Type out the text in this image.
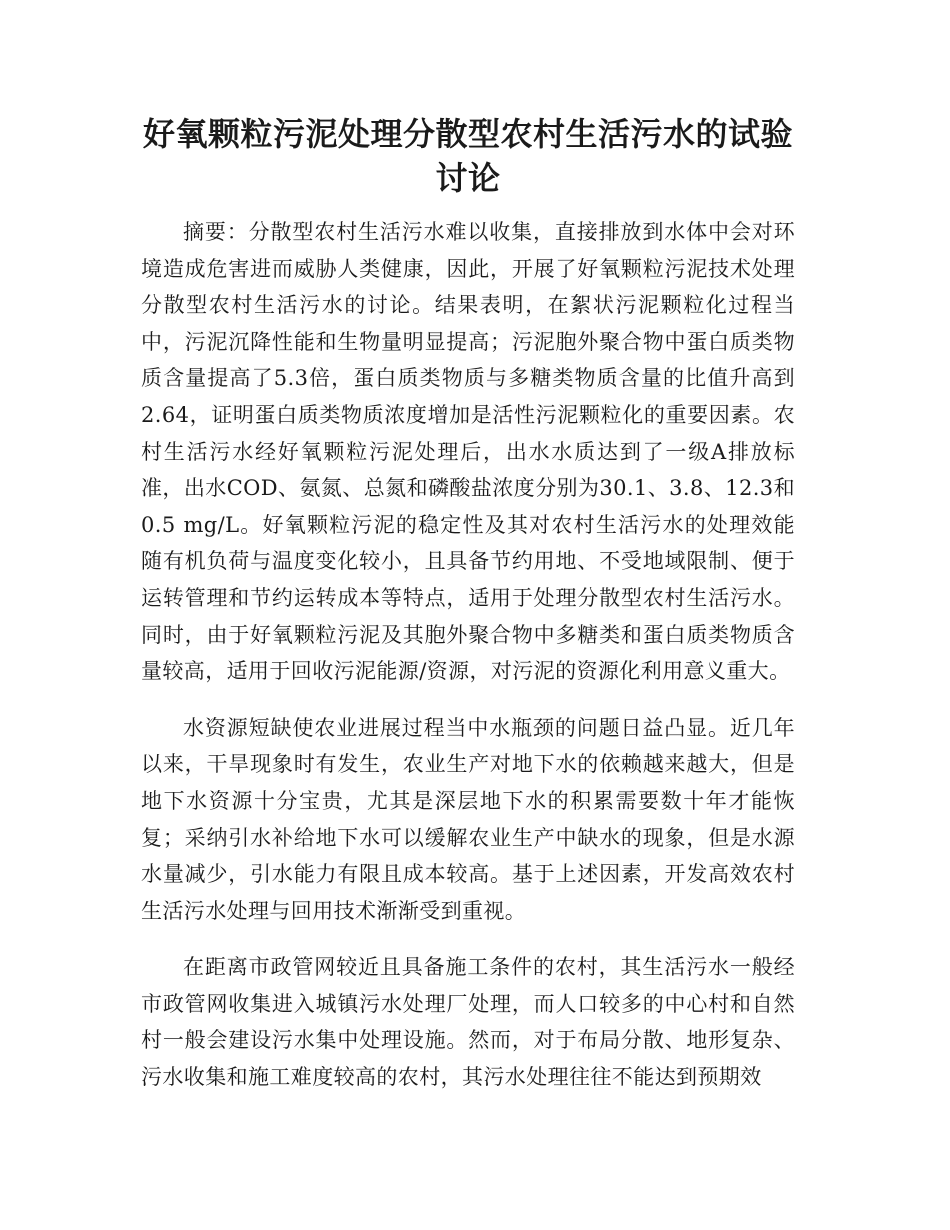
好氧颗粒污泥处理分散型农村生活污水的试验讨论

摘要：分散型农村生活污水难以收集，直接排放到水体中会对环境造成危害进而威胁人类健康，因此，开展了好氧颗粒污泥技术处理分散型农村生活污水的讨论。结果表明，在絮状污泥颗粒化过程当中，污泥沉降性能和生物量明显提高；污泥胞外聚合物中蛋白质类物质含量提高了5.3倍，蛋白质类物质与多糖类物质含量的比值升高到2.64，证明蛋白质类物质浓度增加是活性污泥颗粒化的重要因素。农村生活污水经好氧颗粒污泥处理后，出水水质达到了一级A排放标准，出水COD、氨氮、总氮和磷酸盐浓度分别为30.1、3.8、12.3和0.5 mg/L。好氧颗粒污泥的稳定性及其对农村生活污水的处理效能随有机负荷与温度变化较小，且具备节约用地、不受地域限制、便于运转管理和节约运转成本等特点，适用于处理分散型农村生活污水。同时，由于好氧颗粒污泥及其胞外聚合物中多糖类和蛋白质类物质含量较高，适用于回收污泥能源/资源，对污泥的资源化利用意义重大。

水资源短缺使农业进展过程当中水瓶颈的问题日益凸显。近几年以来，干旱现象时有发生，农业生产对地下水的依赖越来越大，但是地下水资源十分宝贵，尤其是深层地下水的积累需要数十年才能恢复；采纳引水补给地下水可以缓解农业生产中缺水的现象，但是水源水量减少，引水能力有限且成本较高。基于上述因素，开发高效农村生活污水处理与回用技术渐渐受到重视。

在距离市政管网较近且具备施工条件的农村，其生活污水一般经市政管网收集进入城镇污水处理厂处理，而人口较多的中心村和自然村一般会建设污水集中处理设施。然而，对于布局分散、地形复杂、污水收集和施工难度较高的农村，其污水处理往往不能达到预期效
